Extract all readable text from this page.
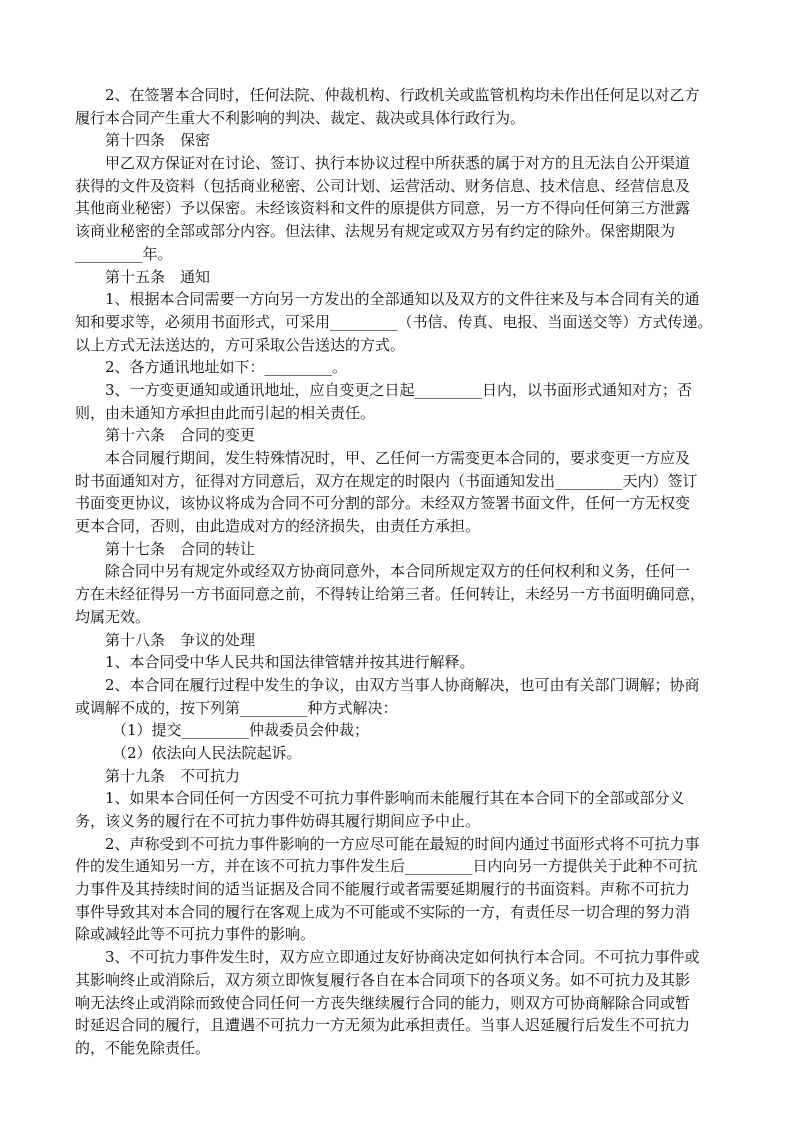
2、在签署本合同时，任何法院、仲裁机构、行政机关或监管机构均未作出任何足以对乙方
履行本合同产生重大不利影响的判决、裁定、裁决或具体行政行为。
第十四条　保密
甲乙双方保证对在讨论、签订、执行本协议过程中所获悉的属于对方的且无法自公开渠道
获得的文件及资料（包括商业秘密、公司计划、运营活动、财务信息、技术信息、经营信息及
其他商业秘密）予以保密。未经该资料和文件的原提供方同意，另一方不得向任何第三方泄露
该商业秘密的全部或部分内容。但法律、法规另有规定或双方另有约定的除外。保密期限为
_________年。
第十五条　通知
1、根据本合同需要一方向另一方发出的全部通知以及双方的文件往来及与本合同有关的通
知和要求等，必须用书面形式，可采用_________（书信、传真、电报、当面送交等）方式传递。
以上方式无法送达的，方可采取公告送达的方式。
2、各方通讯地址如下：_________。
3、一方变更通知或通讯地址，应自变更之日起_________日内，以书面形式通知对方；否
则，由未通知方承担由此而引起的相关责任。
第十六条　合同的变更
本合同履行期间，发生特殊情况时，甲、乙任何一方需变更本合同的，要求变更一方应及
时书面通知对方，征得对方同意后，双方在规定的时限内（书面通知发出_________天内）签订
书面变更协议，该协议将成为合同不可分割的部分。未经双方签署书面文件，任何一方无权变
更本合同，否则，由此造成对方的经济损失，由责任方承担。
第十七条　合同的转让
除合同中另有规定外或经双方协商同意外，本合同所规定双方的任何权利和义务，任何一
方在未经征得另一方书面同意之前，不得转让给第三者。任何转让，未经另一方书面明确同意，
均属无效。
第十八条　争议的处理
1、本合同受中华人民共和国法律管辖并按其进行解释。
2、本合同在履行过程中发生的争议，由双方当事人协商解决，也可由有关部门调解；协商
或调解不成的，按下列第_________种方式解决：
（1）提交_________仲裁委员会仲裁；
（2）依法向人民法院起诉。
第十九条　不可抗力
1、如果本合同任何一方因受不可抗力事件影响而未能履行其在本合同下的全部或部分义
务，该义务的履行在不可抗力事件妨碍其履行期间应予中止。
2、声称受到不可抗力事件影响的一方应尽可能在最短的时间内通过书面形式将不可抗力事
件的发生通知另一方，并在该不可抗力事件发生后_________日内向另一方提供关于此种不可抗
力事件及其持续时间的适当证据及合同不能履行或者需要延期履行的书面资料。声称不可抗力
事件导致其对本合同的履行在客观上成为不可能或不实际的一方，有责任尽一切合理的努力消
除或减轻此等不可抗力事件的影响。
3、不可抗力事件发生时，双方应立即通过友好协商决定如何执行本合同。不可抗力事件或
其影响终止或消除后，双方须立即恢复履行各自在本合同项下的各项义务。如不可抗力及其影
响无法终止或消除而致使合同任何一方丧失继续履行合同的能力，则双方可协商解除合同或暂
时延迟合同的履行，且遭遇不可抗力一方无须为此承担责任。当事人迟延履行后发生不可抗力
的，不能免除责任。
